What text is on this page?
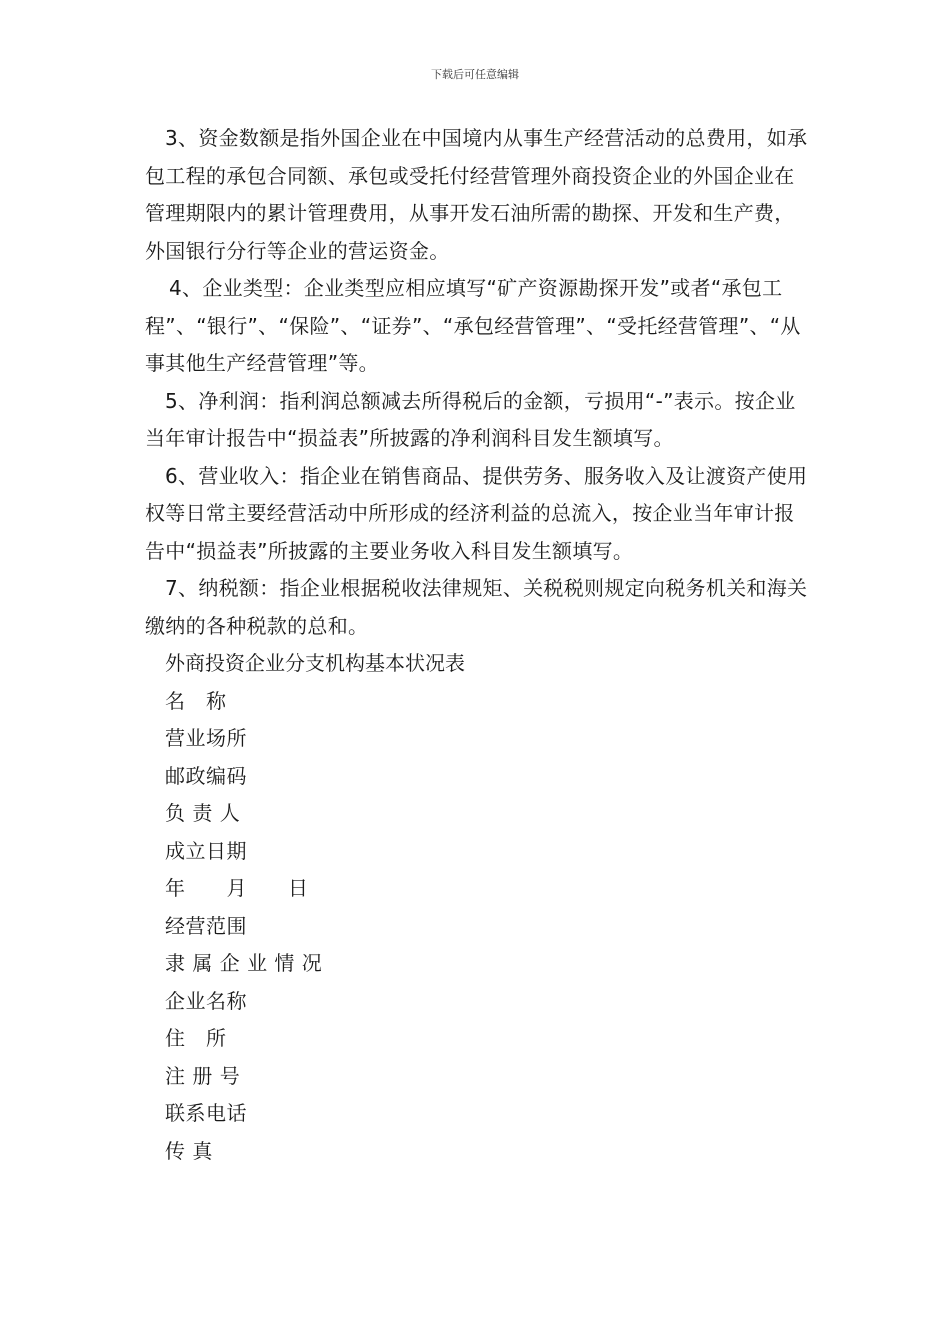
下载后可任意编辑

3、资金数额是指外国企业在中国境内从事生产经营活动的总费用，如承包工程的承包合同额、承包或受托付经营管理外商投资企业的外国企业在管理期限内的累计管理费用，从事开发石油所需的勘探、开发和生产费，外国银行分行等企业的营运资金。

4、企业类型：企业类型应相应填写“矿产资源勘探开发”或者“承包工程”、“银行”、“保险”、“证券”、“承包经营管理”、“受托经营管理”、“从事其他生产经营管理”等。

5、净利润：指利润总额减去所得税后的金额，亏损用“-”表示。按企业当年审计报告中“损益表”所披露的净利润科目发生额填写。

6、营业收入：指企业在销售商品、提供劳务、服务收入及让渡资产使用权等日常主要经营活动中所形成的经济利益的总流入，按企业当年审计报告中“损益表”所披露的主要业务收入科目发生额填写。

7、纳税额：指企业根据税收法律规矩、关税税则规定向税务机关和海关缴纳的各种税款的总和。

外商投资企业分支机构基本状况表

名　称

营业场所

邮政编码

负 责 人

成立日期

年　　月　　日

经营范围

隶 属 企 业 情 况

企业名称

住　所

注 册 号

联系电话

传 真
